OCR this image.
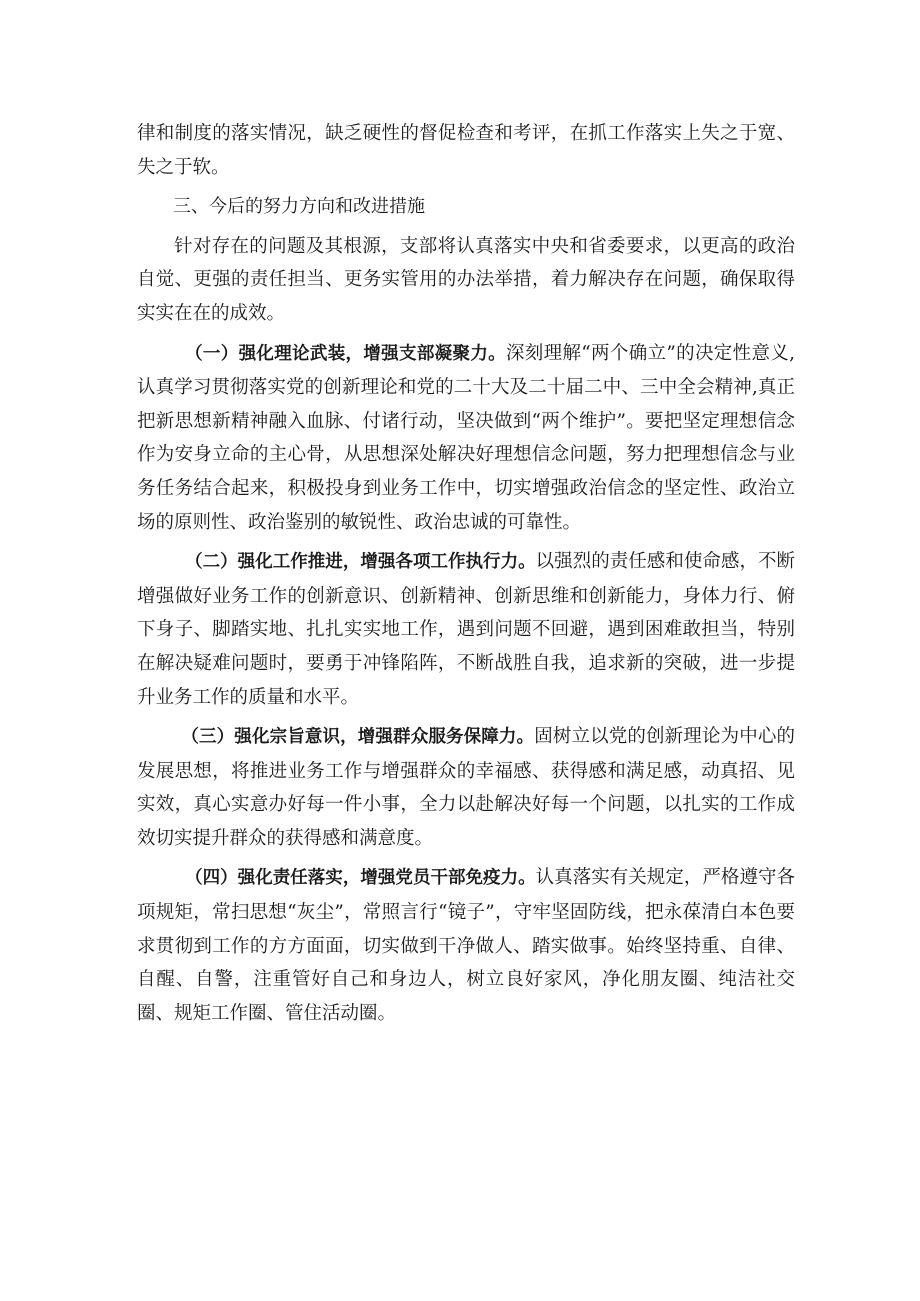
律和制度的落实情况，缺乏硬性的督促检查和考评，在抓工作落实上失之于宽、失之于软。

三、今后的努力方向和改进措施

针对存在的问题及其根源，支部将认真落实中央和省委要求，以更高的政治自觉、更强的责任担当、更务实管用的办法举措，着力解决存在问题，确保取得实实在在的成效。

（一）强化理论武装，增强支部凝聚力。深刻理解“两个确立”的决定性意义,认真学习贯彻落实党的创新理论和党的二十大及二十届二中、三中全会精神,真正把新思想新精神融入血脉、付诸行动，坚决做到“两个维护”。要把坚定理想信念作为安身立命的主心骨，从思想深处解决好理想信念问题，努力把理想信念与业务任务结合起来，积极投身到业务工作中，切实增强政治信念的坚定性、政治立场的原则性、政治鉴别的敏锐性、政治忠诚的可靠性。

（二）强化工作推进，增强各项工作执行力。以强烈的责任感和使命感，不断增强做好业务工作的创新意识、创新精神、创新思维和创新能力，身体力行、俯下身子、脚踏实地、扎扎实实地工作，遇到问题不回避，遇到困难敢担当，特别在解决疑难问题时，要勇于冲锋陷阵，不断战胜自我，追求新的突破，进一步提升业务工作的质量和水平。

（三）强化宗旨意识，增强群众服务保障力。固树立以党的创新理论为中心的发展思想，将推进业务工作与增强群众的幸福感、获得感和满足感，动真招、见实效，真心实意办好每一件小事，全力以赴解决好每一个问题，以扎实的工作成效切实提升群众的获得感和满意度。

（四）强化责任落实，增强党员干部免疫力。认真落实有关规定，严格遵守各项规矩，常扫思想“灰尘”，常照言行“镜子”，守牢坚固防线，把永葆清白本色要求贯彻到工作的方方面面，切实做到干净做人、踏实做事。始终坚持重、自律、自醒、自警，注重管好自己和身边人，树立良好家风，净化朋友圈、纯洁社交圈、规矩工作圈、管住活动圈。
